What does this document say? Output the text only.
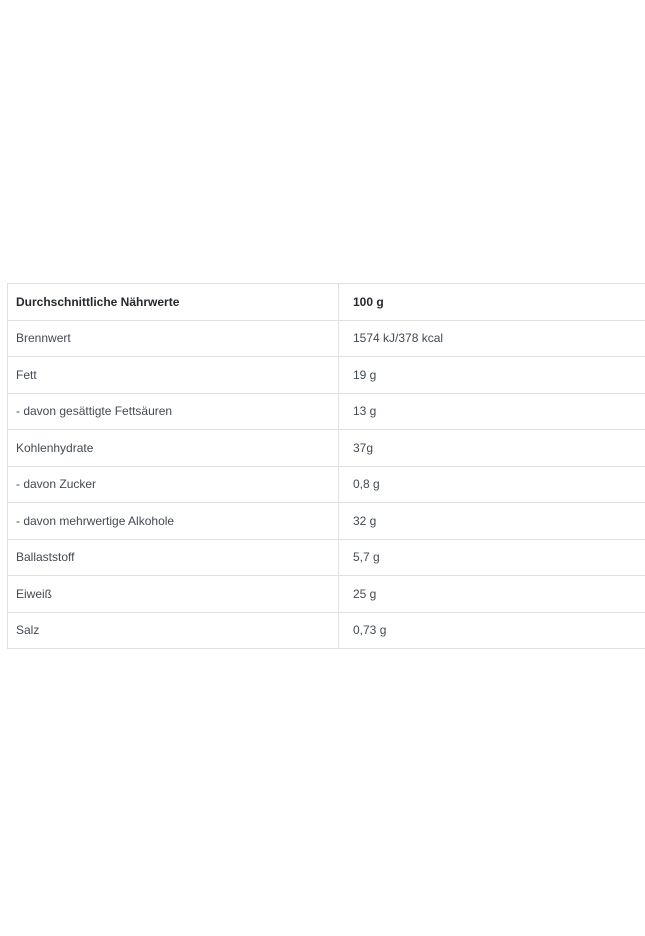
Durchschnittliche Nährwerte	100 g
Brennwert	1574 kJ/378 kcal
Fett	19 g
- davon gesättigte Fettsäuren	13 g
Kohlenhydrate	37g
- davon Zucker	0,8 g
- davon mehrwertige Alkohole	32 g
Ballaststoff	5,7 g
Eiweiß	25 g
Salz	0,73 g
